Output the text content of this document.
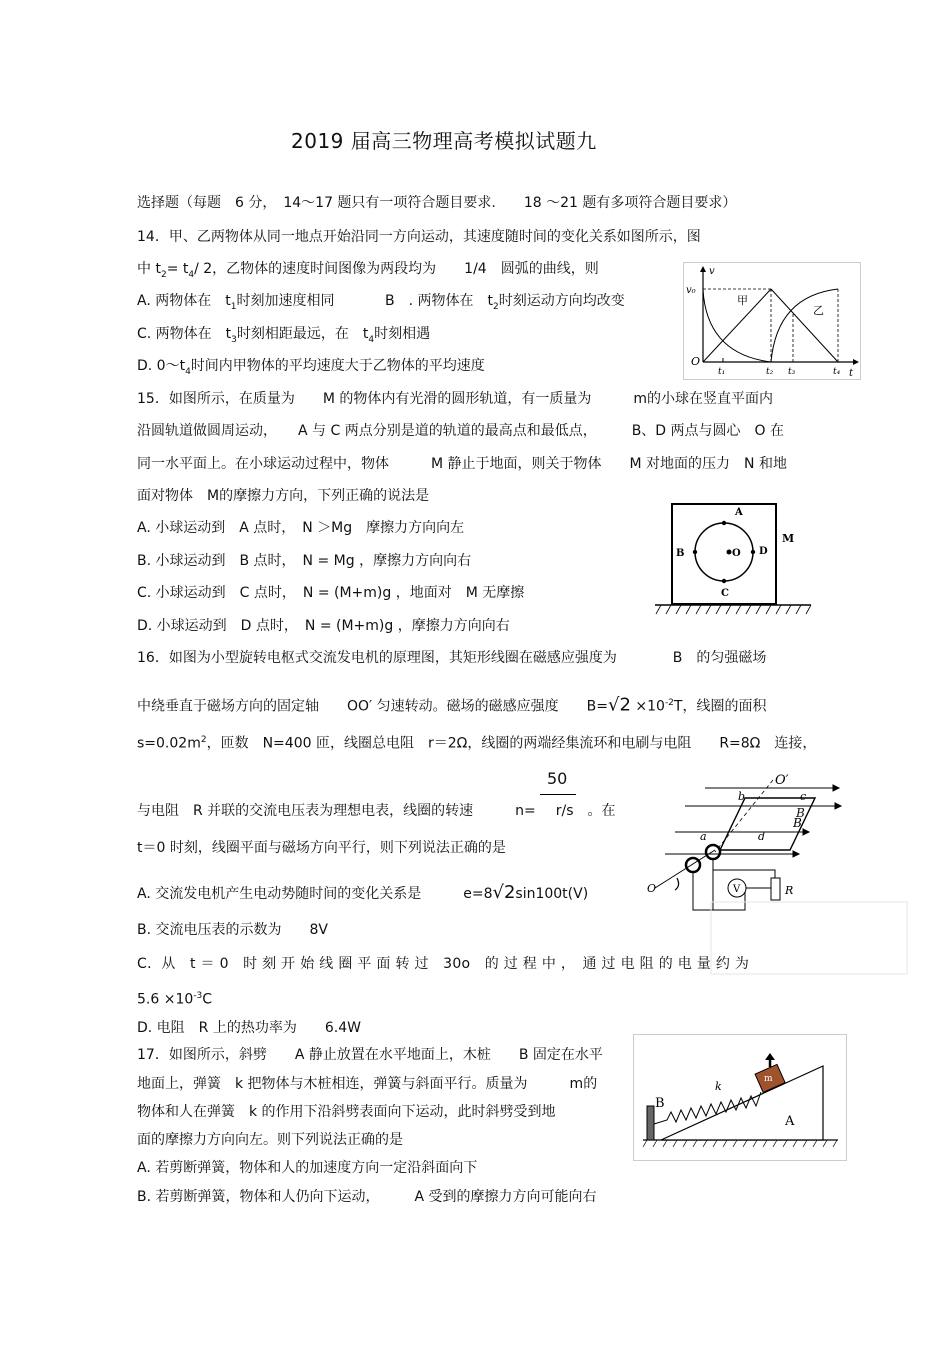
2019 届高三物理高考模拟试题九
选择题（每题　6 分，　14～17 题只有一项符合题目要求.　　18 ～21 题有多项符合题目要求）
14．甲、乙两物体从同一地点开始沿同一方向运动，其速度随时间的变化关系如图所示，图
中 $t_2= t_4/$ 2，乙物体的速度时间图像为两段均为　　1/4　圆弧的曲线，则
A. 两物体在　$t_1$时刻加速度相同	B　. 两物体在　$t_2$时刻运动方向均改变
C. 两物体在　$t_3$时刻相距最远，在　$t_4$时刻相遇
D. $0\sim t_4$时间内甲物体的平均速度大于乙物体的平均速度
v
v₀
O
t
甲
乙
t₁	t₂ t₃	t₄
15．如图所示，在质量为　　M 的物体内有光滑的圆形轨道，有一质量为　　　m的小球在竖直平面内
沿圆轨道做圆周运动，　　A 与 C 两点分别是道的轨道的最高点和最低点，　　　B、D 两点与圆心　O 在
同一水平面上。在小球运动过程中，物体　　　M 静止于地面，则关于物体　　M 对地面的压力　N 和地
面对物体　M的摩擦力方向，下列正确的说法是
A. 小球运动到　A 点时，　N ＞Mg　摩擦力方向向左
B. 小球运动到　B 点时，　N = Mg ，摩擦力方向向右
C. 小球运动到　C 点时，　N = (M+m)g ，地面对　M 无摩擦
D. 小球运动到　D 点时，　N = (M+m)g ，摩擦力方向向右
A
B	D
C
O
M
16．如图为小型旋转电枢式交流发电机的原理图，其矩形线圈在磁感应强度为　　　　B　的匀强磁场
中绕垂直于磁场方向的固定轴　　OO′ 匀速转动。磁场的磁感应强度　　$B=√2 \times 10^{-2}T$，线圈的面积
$s=0.02m^2$，匝数　N=400 匝，线圈总电阻　r＝2Ω，线圈的两端经集流环和电刷与电阻　　R=8Ω　连接，
50
与电阻　R 并联的交流电压表为理想电表，线圈的转速　　　n= r/s　。在
t＝0 时刻，线圈平面与磁场方向平行，则下列说法正确的是
A. 交流发电机产生电动势随时间的变化关系是　　　e=8√2sin100t(V)
B. 交流电压表的示数为　　8V
C．从　t ＝ 0　时 刻 开 始 线 圈 平 面 转 过　30o　的 过 程 中 ，　通 过 电 阻 的 电 量 约 为
$5.6 \times 10^{-3}C$
D. 电阻　R 上的热功率为　　6.4W
O′
b	c
a	d
B
O	V	R
B
17．如图所示，斜劈　　A 静止放置在水平地面上，木桩　　B 固定在水平
地面上，弹簧　k 把物体与木桩相连，弹簧与斜面平行。质量为　　　m的
物体和人在弹簧　k 的作用下沿斜劈表面向下运动，此时斜劈受到地
面的摩擦力方向向左。则下列说法正确的是
A. 若剪断弹簧，物体和人的加速度方向一定沿斜面向下
B. 若剪断弹簧，物体和人仍向下运动，　　　A 受到的摩擦力方向可能向右
A
B
k
m
